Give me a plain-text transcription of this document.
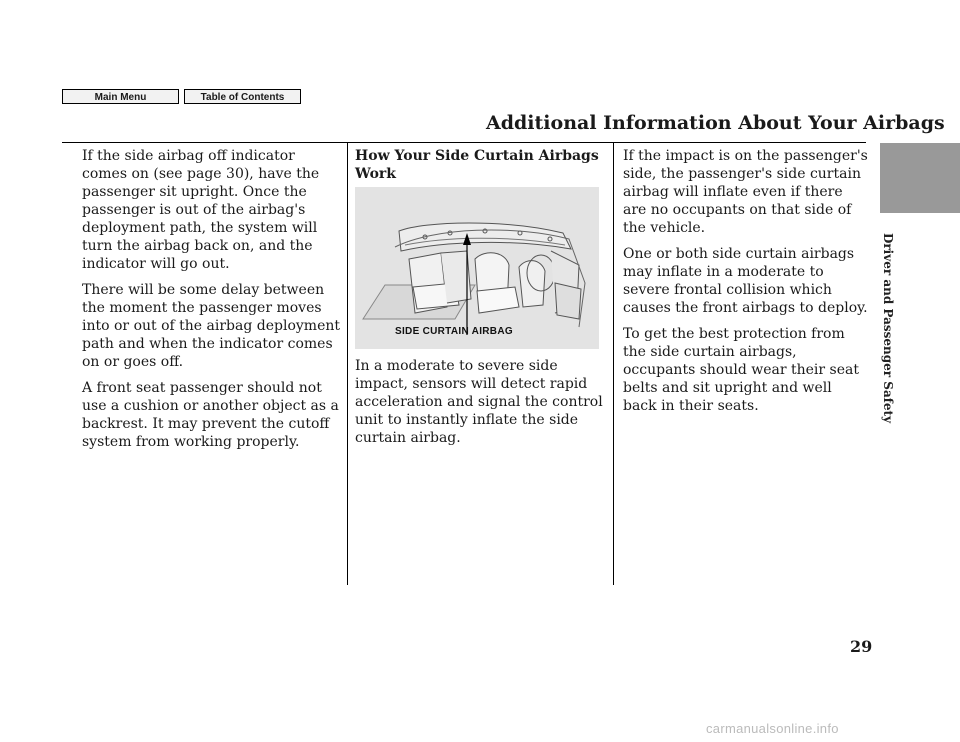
Main Menu	Table of Contents
Additional Information About Your Airbags
Driver and Passenger Safety

If the side airbag off indicator comes on (see page 30), have the passenger sit upright. Once the passenger is out of the airbag's deployment path, the system will turn the airbag back on, and the indicator will go out.

There will be some delay between the moment the passenger moves into or out of the airbag deployment path and when the indicator comes on or goes off.

A front seat passenger should not use a cushion or another object as a backrest. It may prevent the cutoff system from working properly.

How Your Side Curtain Airbags Work
SIDE CURTAIN AIRBAG

In a moderate to severe side impact, sensors will detect rapid acceleration and signal the control unit to instantly inflate the side curtain airbag.

If the impact is on the passenger's side, the passenger's side curtain airbag will inflate even if there are no occupants on that side of the vehicle.

One or both side curtain airbags may inflate in a moderate to severe frontal collision which causes the front airbags to deploy.

To get the best protection from the side curtain airbags, occupants should wear their seat belts and sit upright and well back in their seats.

29
carmanualsonline.info
